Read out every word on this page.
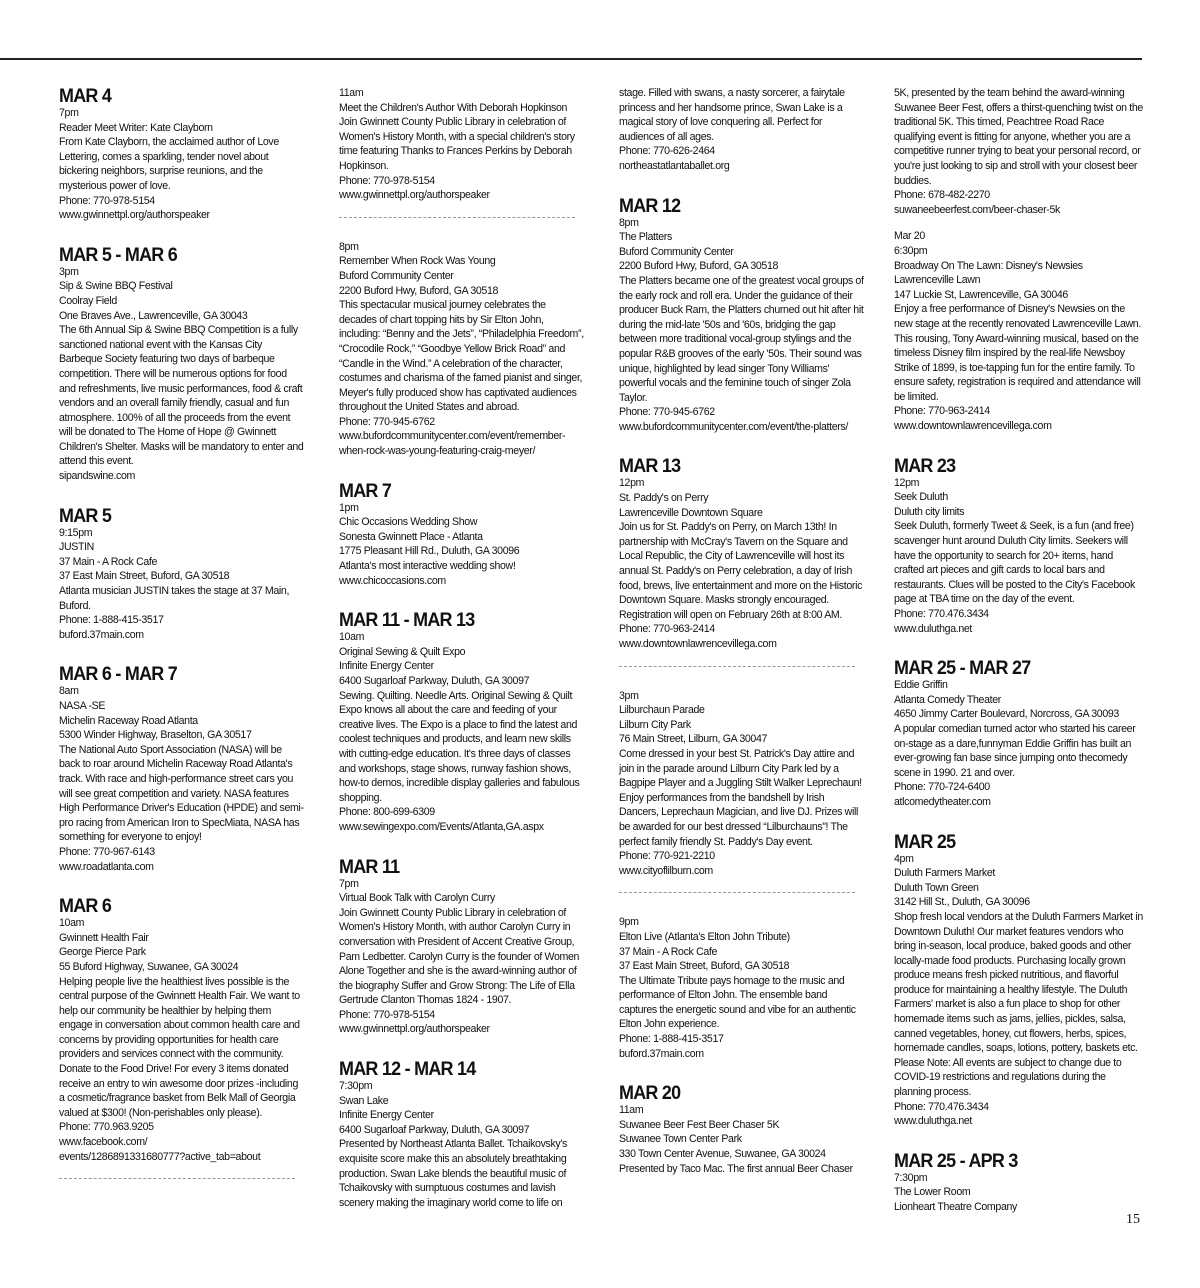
MAR 4
7pm
Reader Meet Writer: Kate Clayborn
From Kate Clayborn, the acclaimed author of Love Lettering, comes a sparkling, tender novel about bickering neighbors, surprise reunions, and the mysterious power of love.
Phone: 770-978-5154
www.gwinnettpl.org/authorspeaker
MAR 5 - MAR 6
3pm
Sip & Swine BBQ Festival
Coolray Field
One Braves Ave., Lawrenceville, GA 30043
The 6th Annual Sip & Swine BBQ Competition is a fully sanctioned national event with the Kansas City Barbeque Society featuring two days of barbeque competition. There will be numerous options for food and refreshments, live music performances, food & craft vendors and an overall family friendly, casual and fun atmosphere. 100% of all the proceeds from the event will be donated to The Home of Hope @ Gwinnett Children's Shelter. Masks will be mandatory to enter and attend this event.
sipandswine.com
MAR 5
9:15pm
JUSTIN
37 Main - A Rock Cafe
37 East Main Street, Buford, GA 30518
Atlanta musician JUSTIN takes the stage at 37 Main, Buford.
Phone: 1-888-415-3517
buford.37main.com
MAR 6 - MAR 7
8am
NASA -SE
Michelin Raceway Road Atlanta
5300 Winder Highway, Braselton, GA 30517
The National Auto Sport Association (NASA) will be back to roar around Michelin Raceway Road Atlanta's track. With race and high-performance street cars you will see great competition and variety. NASA features High Performance Driver's Education (HPDE) and semi-pro racing from American Iron to SpecMiata, NASA has something for everyone to enjoy!
Phone: 770-967-6143
www.roadatlanta.com
MAR 6
10am
Gwinnett Health Fair
George Pierce Park
55 Buford Highway, Suwanee, GA 30024
Helping people live the healthiest lives possible is the central purpose of the Gwinnett Health Fair. We want to help our community be healthier by helping them engage in conversation about common health care and concerns by providing opportunities for health care providers and services connect with the community. Donate to the Food Drive! For every 3 items donated receive an entry to win awesome door prizes -including a cosmetic/fragrance basket from Belk Mall of Georgia valued at $300! (Non-perishables only please).
Phone: 770.963.9205
www.facebook.com/
events/1286891331680777?active_tab=about
11am
Meet the Children's Author With Deborah Hopkinson
Join Gwinnett County Public Library in celebration of Women's History Month, with a special children's story time featuring Thanks to Frances Perkins by Deborah Hopkinson.
Phone: 770-978-5154
www.gwinnettpl.org/authorspeaker
8pm
Remember When Rock Was Young
Buford Community Center
2200 Buford Hwy, Buford, GA 30518
This spectacular musical journey celebrates the decades of chart topping hits by Sir Elton John, including: “Benny and the Jets”, “Philadelphia Freedom”, “Crocodile Rock,” “Goodbye Yellow Brick Road” and “Candle in the Wind.” A celebration of the character, costumes and charisma of the famed pianist and singer, Meyer's fully produced show has captivated audiences throughout the United States and abroad.
Phone: 770-945-6762
www.bufordcommunitycenter.com/event/remember-
when-rock-was-young-featuring-craig-meyer/
MAR 7
1pm
Chic Occasions Wedding Show
Sonesta Gwinnett Place - Atlanta
1775 Pleasant Hill Rd., Duluth, GA 30096
Atlanta's most interactive wedding show!
www.chicoccasions.com
MAR 11 - MAR 13
10am
Original Sewing & Quilt Expo
Infinite Energy Center
6400 Sugarloaf Parkway, Duluth, GA 30097
Sewing. Quilting. Needle Arts. Original Sewing & Quilt Expo knows all about the care and feeding of your creative lives. The Expo is a place to find the latest and coolest techniques and products, and learn new skills with cutting-edge education. It's three days of classes and workshops, stage shows, runway fashion shows, how-to demos, incredible display galleries and fabulous shopping.
Phone: 800-699-6309
www.sewingexpo.com/Events/Atlanta,GA.aspx
MAR 11
7pm
Virtual Book Talk with Carolyn Curry
Join Gwinnett County Public Library in celebration of Women's History Month, with author Carolyn Curry in conversation with President of Accent Creative Group, Pam Ledbetter. Carolyn Curry is the founder of Women Alone Together and she is the award-winning author of the biography Suffer and Grow Strong: The Life of Ella Gertrude Clanton Thomas 1824 - 1907.
Phone: 770-978-5154
www.gwinnettpl.org/authorspeaker
MAR 12 - MAR 14
7:30pm
Swan Lake
Infinite Energy Center
6400 Sugarloaf Parkway, Duluth, GA 30097
Presented by Northeast Atlanta Ballet. Tchaikovsky's exquisite score make this an absolutely breathtaking production. Swan Lake blends the beautiful music of Tchaikovsky with sumptuous costumes and lavish scenery making the imaginary world come to life on
stage. Filled with swans, a nasty sorcerer, a fairytale princess and her handsome prince, Swan Lake is a magical story of love conquering all. Perfect for audiences of all ages.
Phone: 770-626-2464
northeastatlantaballet.org
MAR 12
8pm
The Platters
Buford Community Center
2200 Buford Hwy, Buford, GA 30518
The Platters became one of the greatest vocal groups of the early rock and roll era. Under the guidance of their producer Buck Ram, the Platters churned out hit after hit during the mid-late '50s and '60s, bridging the gap between more traditional vocal-group stylings and the popular R&B grooves of the early '50s. Their sound was unique, highlighted by lead singer Tony Williams' powerful vocals and the feminine touch of singer Zola Taylor.
Phone: 770-945-6762
www.bufordcommunitycenter.com/event/the-platters/
MAR 13
12pm
St. Paddy's on Perry
Lawrenceville Downtown Square
Join us for St. Paddy's on Perry, on March 13th! In partnership with McCray's Tavern on the Square and Local Republic, the City of Lawrenceville will host its annual St. Paddy's on Perry celebration, a day of Irish food, brews, live entertainment and more on the Historic Downtown Square. Masks strongly encouraged. Registration will open on February 26th at 8:00 AM.
Phone: 770-963-2414
www.downtownlawrencevillega.com
3pm
Lilburchaun Parade
Lilburn City Park
76 Main Street, Lilburn, GA 30047
Come dressed in your best St. Patrick's Day attire and join in the parade around Lilburn City Park led by a Bagpipe Player and a Juggling Stilt Walker Leprechaun! Enjoy performances from the bandshell by Irish Dancers, Leprechaun Magician, and live DJ. Prizes will be awarded for our best dressed “Lilburchauns”! The perfect family friendly St. Paddy's Day event.
Phone: 770-921-2210
www.cityoflilburn.com
9pm
Elton Live (Atlanta's Elton John Tribute)
37 Main - A Rock Cafe
37 East Main Street, Buford, GA 30518
The Ultimate Tribute pays homage to the music and performance of Elton John. The ensemble band captures the energetic sound and vibe for an authentic Elton John experience.
Phone: 1-888-415-3517
buford.37main.com
MAR 20
11am
Suwanee Beer Fest Beer Chaser 5K
Suwanee Town Center Park
330 Town Center Avenue, Suwanee, GA 30024
Presented by Taco Mac. The first annual Beer Chaser
5K, presented by the team behind the award-winning Suwanee Beer Fest, offers a thirst-quenching twist on the traditional 5K. This timed, Peachtree Road Race qualifying event is fitting for anyone, whether you are a competitive runner trying to beat your personal record, or you're just looking to sip and stroll with your closest beer buddies.
Phone: 678-482-2270
suwaneebeerfest.com/beer-chaser-5k
Mar 20
6:30pm
Broadway On The Lawn: Disney's Newsies
Lawrenceville Lawn
147 Luckie St, Lawrenceville, GA 30046
Enjoy a free performance of Disney's Newsies on the new stage at the recently renovated Lawrenceville Lawn. This rousing, Tony Award-winning musical, based on the timeless Disney film inspired by the real-life Newsboy Strike of 1899, is toe-tapping fun for the entire family. To ensure safety, registration is required and attendance will be limited.
Phone: 770-963-2414
www.downtownlawrencevillega.com
MAR 23
12pm
Seek Duluth
Duluth city limits
Seek Duluth, formerly Tweet & Seek, is a fun (and free) scavenger hunt around Duluth City limits. Seekers will have the opportunity to search for 20+ items, hand crafted art pieces and gift cards to local bars and restaurants. Clues will be posted to the City's Facebook page at TBA time on the day of the event.
Phone: 770.476.3434
www.duluthga.net
MAR 25 - MAR 27
Eddie Griffin
Atlanta Comedy Theater
4650 Jimmy Carter Boulevard, Norcross, GA 30093
A popular comedian turned actor who started his career on-stage as a dare,funnyman Eddie Griffin has built an ever-growing fan base since jumping onto thecomedy scene in 1990. 21 and over.
Phone: 770-724-6400
atlcomedytheater.com
MAR 25
4pm
Duluth Farmers Market
Duluth Town Green
3142 Hill St., Duluth, GA 30096
Shop fresh local vendors at the Duluth Farmers Market in Downtown Duluth! Our market features vendors who bring in-season, local produce, baked goods and other locally-made food products. Purchasing locally grown produce means fresh picked nutritious, and flavorful produce for maintaining a healthy lifestyle. The Duluth Farmers' market is also a fun place to shop for other homemade items such as jams, jellies, pickles, salsa, canned vegetables, honey, cut flowers, herbs, spices, homemade candles, soaps, lotions, pottery, baskets etc. Please Note: All events are subject to change due to COVID-19 restrictions and regulations during the planning process.
Phone: 770.476.3434
www.duluthga.net
MAR 25 - APR 3
7:30pm
The Lower Room
Lionheart Theatre Company
15
